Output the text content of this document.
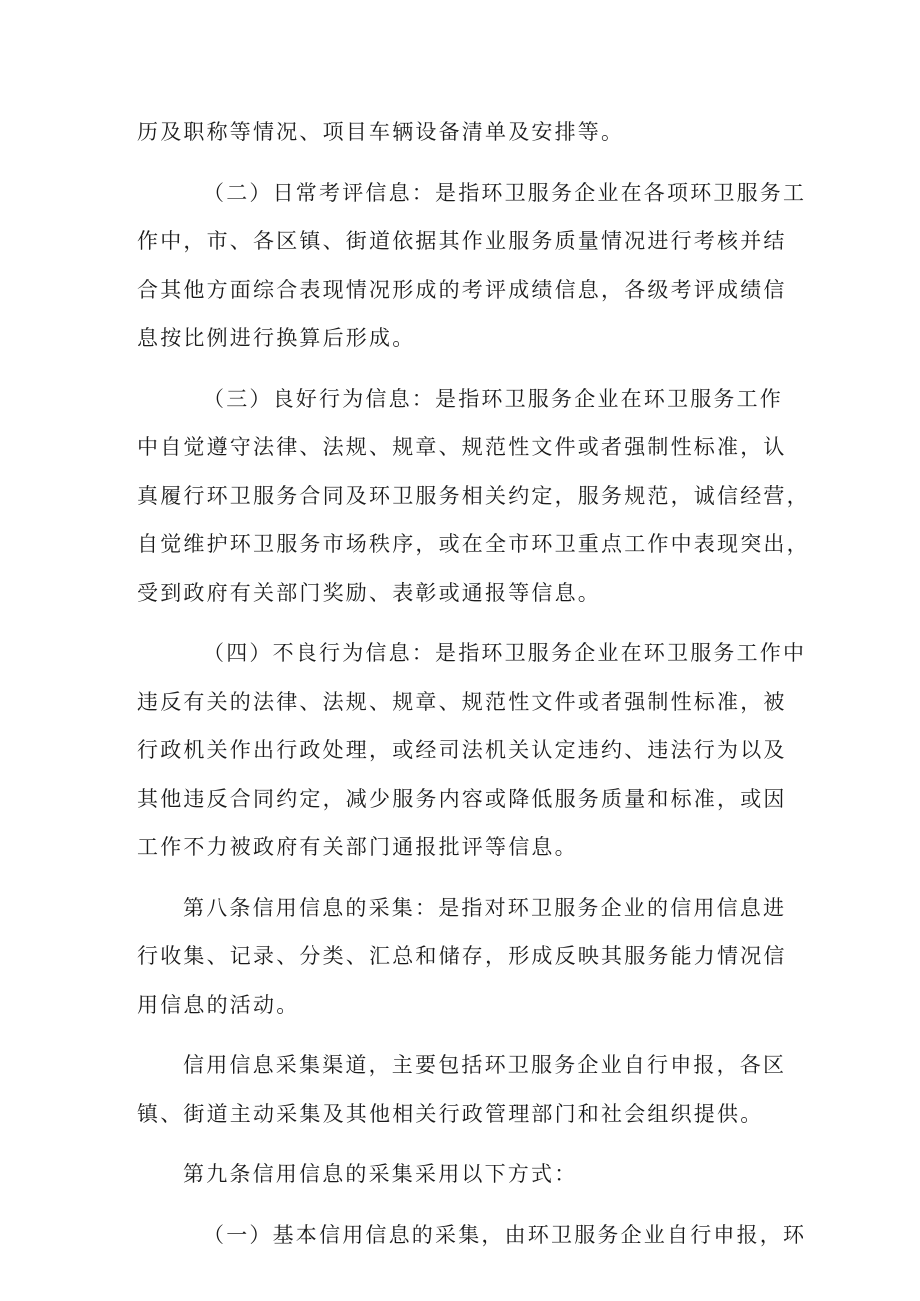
历及职称等情况、项目车辆设备清单及安排等。
（二）日常考评信息：是指环卫服务企业在各项环卫服务工
作中，市、各区镇、街道依据其作业服务质量情况进行考核并结
合其他方面综合表现情况形成的考评成绩信息，各级考评成绩信
息按比例进行换算后形成。
（三）良好行为信息：是指环卫服务企业在环卫服务工作
中自觉遵守法律、法规、规章、规范性文件或者强制性标准，认
真履行环卫服务合同及环卫服务相关约定，服务规范，诚信经营，
自觉维护环卫服务市场秩序，或在全市环卫重点工作中表现突出，
受到政府有关部门奖励、表彰或通报等信息。
（四）不良行为信息：是指环卫服务企业在环卫服务工作中
违反有关的法律、法规、规章、规范性文件或者强制性标准，被
行政机关作出行政处理，或经司法机关认定违约、违法行为以及
其他违反合同约定，减少服务内容或降低服务质量和标准，或因
工作不力被政府有关部门通报批评等信息。
第八条信用信息的采集：是指对环卫服务企业的信用信息进
行收集、记录、分类、汇总和储存，形成反映其服务能力情况信
用信息的活动。
信用信息采集渠道，主要包括环卫服务企业自行申报，各区
镇、街道主动采集及其他相关行政管理部门和社会组织提供。
第九条信用信息的采集采用以下方式：
（一）基本信用信息的采集，由环卫服务企业自行申报，环
